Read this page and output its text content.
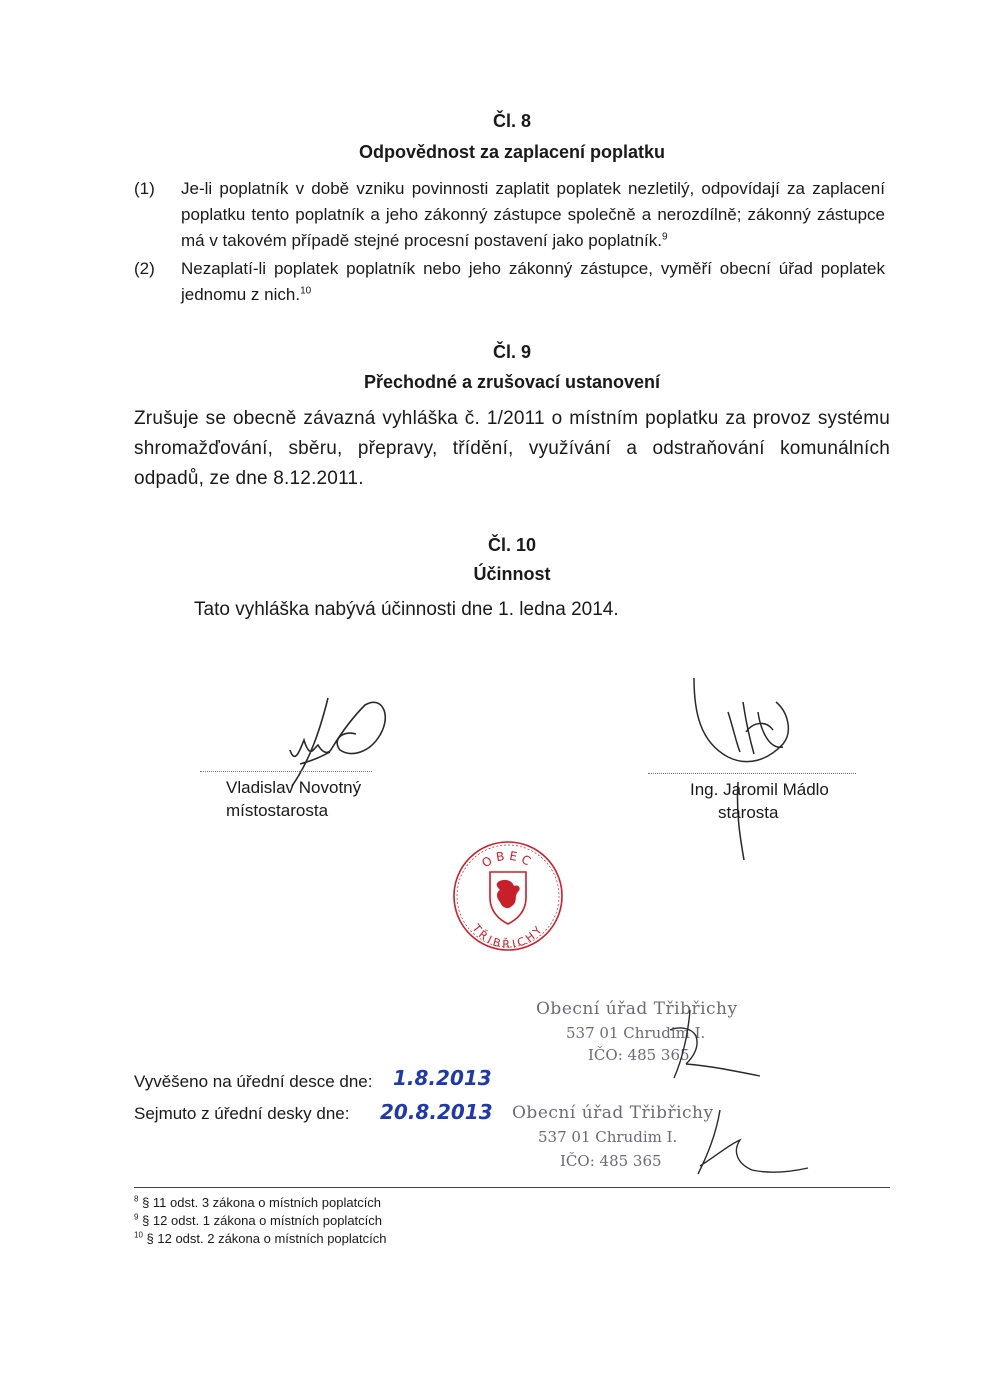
Čl. 8
Odpovědnost za zaplacení poplatku
(1) Je-li poplatník v době vzniku povinnosti zaplatit poplatek nezletilý, odpovídají za zaplacení poplatku tento poplatník a jeho zákonný zástupce společně a nerozdílně; zákonný zástupce má v takovém případě stejné procesní postavení jako poplatník.$^9$
(2) Nezaplatí-li poplatek poplatník nebo jeho zákonný zástupce, vyměří obecní úřad poplatek jednomu z nich.$^{10}$
Čl. 9
Přechodné a zrušovací ustanovení
Zrušuje se obecně závazná vyhláška č. 1/2011 o místním poplatku za provoz systému shromažďování, sběru, přepravy, třídění, využívání a odstraňování komunálních odpadů, ze dne 8.12.2011.
Čl. 10
Účinnost
Tato vyhláška nabývá účinnosti dne 1. ledna 2014.
Vladislav Novotný
místostarosta
Ing. Jaromil Mádlo
starosta
OBEC
TŘIBŘICHY
Obecní úřad Třibřichy
537 01 Chrudim I.
IČO: 485 365
Obecní úřad Třibřichy
537 01 Chrudim I.
IČO: 485 365
Vyvěšeno na úřední desce dne: 1.8.2013
Sejmuto z úřední desky dne: 20.8.2013
$^8$ § 11 odst. 3 zákona o místních poplatcích
$^9$ § 12 odst. 1 zákona o místních poplatcích
$^{10}$ § 12 odst. 2 zákona o místních poplatcích
